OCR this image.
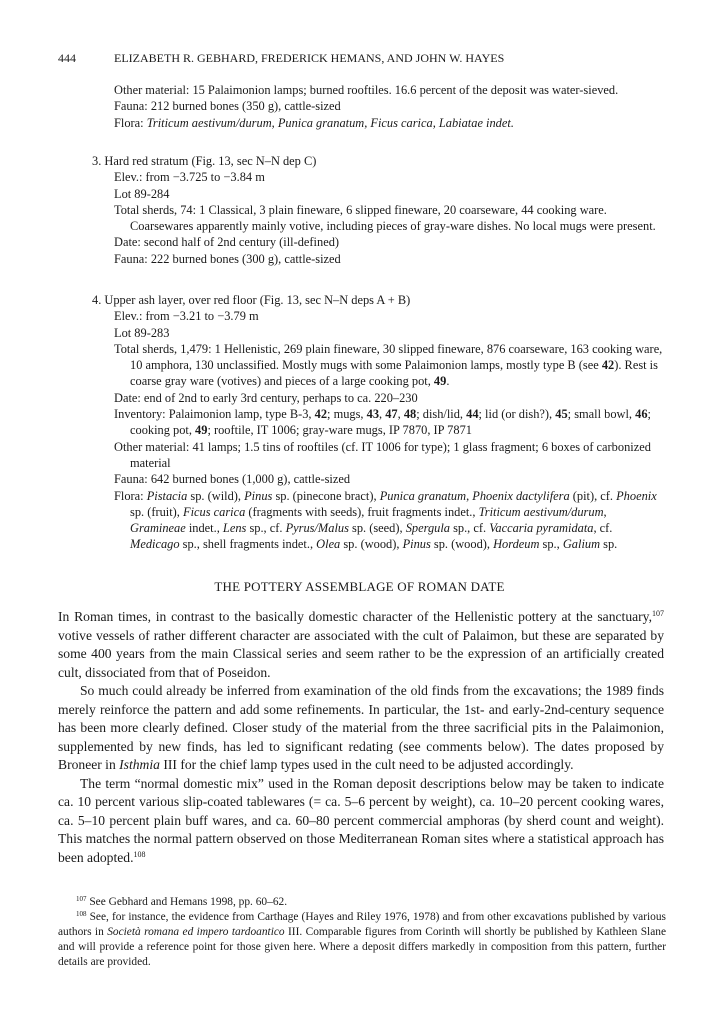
444	ELIZABETH R. GEBHARD, FREDERICK HEMANS, AND JOHN W. HAYES

Other material: 15 Palaimonion lamps; burned rooftiles. 16.6 percent of the deposit was water-sieved.

Fauna: 212 burned bones (350 g), cattle-sized

Flora: Triticum aestivum/durum, Punica granatum, Ficus carica, Labiatae indet.

3. Hard red stratum (Fig. 13, sec N–N dep C)

Elev.: from −3.725 to −3.84 m

Lot 89-284

Total sherds, 74: 1 Classical, 3 plain fineware, 6 slipped fineware, 20 coarseware, 44 cooking ware. Coarsewares apparently mainly votive, including pieces of gray-ware dishes. No local mugs were present.

Date: second half of 2nd century (ill-defined)

Fauna: 222 burned bones (300 g), cattle-sized

4. Upper ash layer, over red floor (Fig. 13, sec N–N deps A + B)

Elev.: from −3.21 to −3.79 m

Lot 89-283

Total sherds, 1,479: 1 Hellenistic, 269 plain fineware, 30 slipped fineware, 876 coarseware, 163 cooking ware, 10 amphora, 130 unclassified. Mostly mugs with some Palaimonion lamps, mostly type B (see 42). Rest is coarse gray ware (votives) and pieces of a large cooking pot, 49.

Date: end of 2nd to early 3rd century, perhaps to ca. 220–230

Inventory: Palaimonion lamp, type B-3, 42; mugs, 43, 47, 48; dish/lid, 44; lid (or dish?), 45; small bowl, 46; cooking pot, 49; rooftile, IT 1006; gray-ware mugs, IP 7870, IP 7871

Other material: 41 lamps; 1.5 tins of rooftiles (cf. IT 1006 for type); 1 glass fragment; 6 boxes of carbonized material

Fauna: 642 burned bones (1,000 g), cattle-sized

Flora: Pistacia sp. (wild), Pinus sp. (pinecone bract), Punica granatum, Phoenix dactylifera (pit), cf. Phoenix sp. (fruit), Ficus carica (fragments with seeds), fruit fragments indet., Triticum aestivum/durum, Gramineae indet., Lens sp., cf. Pyrus/Malus sp. (seed), Spergula sp., cf. Vaccaria pyramidata, cf. Medicago sp., shell fragments indet., Olea sp. (wood), Pinus sp. (wood), Hordeum sp., Galium sp.

THE POTTERY ASSEMBLAGE OF ROMAN DATE

In Roman times, in contrast to the basically domestic character of the Hellenistic pottery at the sanctuary,$^{107}$ votive vessels of rather different character are associated with the cult of Palaimon, but these are separated by some 400 years from the main Classical series and seem rather to be the expression of an artificially created cult, dissociated from that of Poseidon.

So much could already be inferred from examination of the old finds from the excavations; the 1989 finds merely reinforce the pattern and add some refinements. In particular, the 1st- and early-2nd-century sequence has been more clearly defined. Closer study of the material from the three sacrificial pits in the Palaimonion, supplemented by new finds, has led to significant redating (see comments below). The dates proposed by Broneer in Isthmia III for the chief lamp types used in the cult need to be adjusted accordingly.

The term “normal domestic mix” used in the Roman deposit descriptions below may be taken to indicate ca. 10 percent various slip-coated tablewares (= ca. 5–6 percent by weight), ca. 10–20 percent cooking wares, ca. 5–10 percent plain buff wares, and ca. 60–80 percent commercial amphoras (by sherd count and weight). This matches the normal pattern observed on those Mediterranean Roman sites where a statistical approach has been adopted.$^{108}$

$^{107}$ See Gebhard and Hemans 1998, pp. 60–62.

$^{108}$ See, for instance, the evidence from Carthage (Hayes and Riley 1976, 1978) and from other excavations published by various authors in Società romana ed impero tardoantico III. Comparable figures from Corinth will shortly be published by Kathleen Slane and will provide a reference point for those given here. Where a deposit differs markedly in composition from this pattern, further details are provided.
